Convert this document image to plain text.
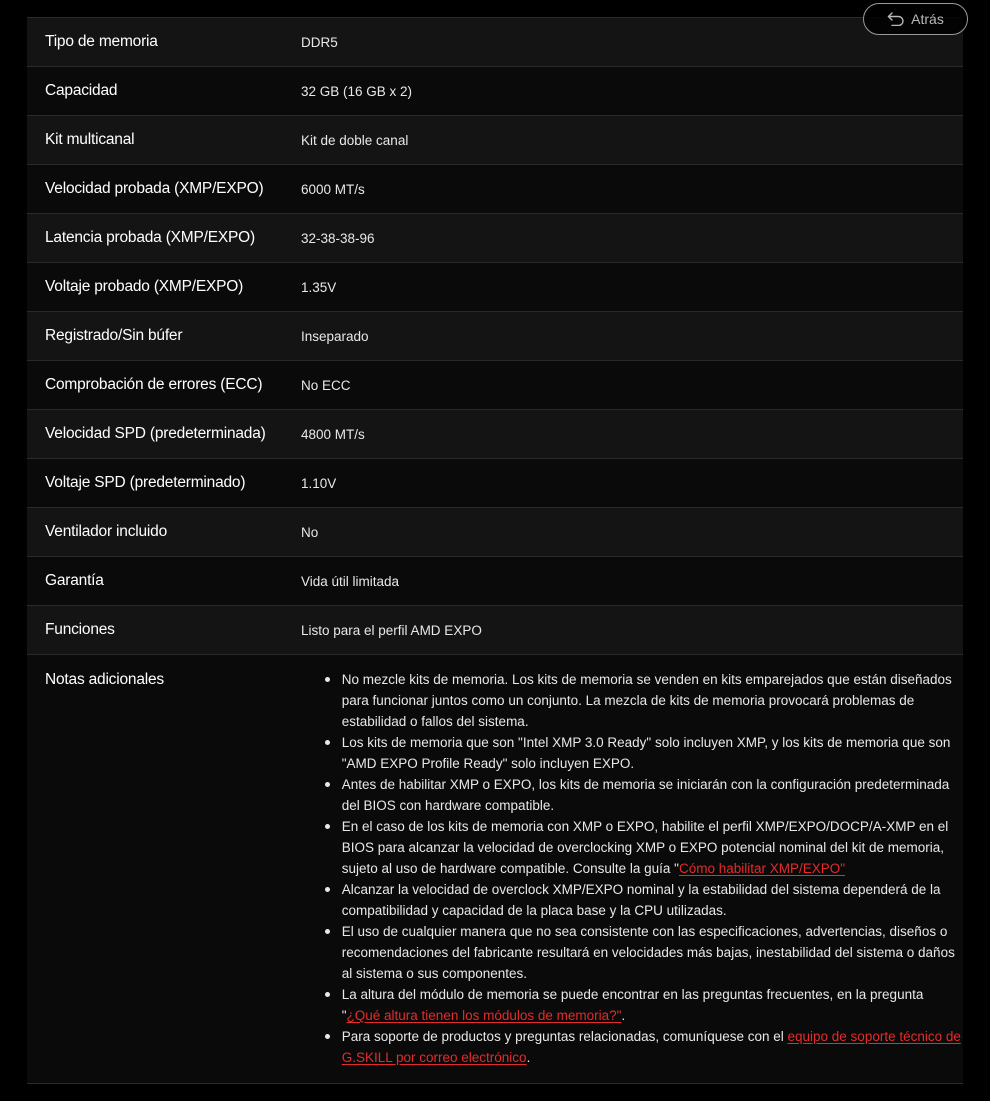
Tipo de memoria	DDR5
Capacidad	32 GB (16 GB x 2)
Kit multicanal	Kit de doble canal
Velocidad probada (XMP/EXPO)	6000 MT/s
Latencia probada (XMP/EXPO)	32-38-38-96
Voltaje probado (XMP/EXPO)	1.35V
Registrado/Sin búfer	Inseparado
Comprobación de errores (ECC)	No ECC
Velocidad SPD (predeterminada)	4800 MT/s
Voltaje SPD (predeterminado)	1.10V
Ventilador incluido	No
Garantía	Vida útil limitada
Funciones	Listo para el perfil AMD EXPO
Notas adicionales	No mezcle kits de memoria. Los kits de memoria se venden en kits emparejados que están diseñados para funcionar juntos como un conjunto. La mezcla de kits de memoria provocará problemas de estabilidad o fallos del sistema.
Los kits de memoria que son "Intel XMP 3.0 Ready" solo incluyen XMP, y los kits de memoria que son "AMD EXPO Profile Ready" solo incluyen EXPO.
Antes de habilitar XMP o EXPO, los kits de memoria se iniciarán con la configuración predeterminada del BIOS con hardware compatible.
En el caso de los kits de memoria con XMP o EXPO, habilite el perfil XMP/EXPO/DOCP/A-XMP en el BIOS para alcanzar la velocidad de overclocking XMP o EXPO potencial nominal del kit de memoria, sujeto al uso de hardware compatible. Consulte la guía "Cómo habilitar XMP/EXPO"
Alcanzar la velocidad de overclock XMP/EXPO nominal y la estabilidad del sistema dependerá de la compatibilidad y capacidad de la placa base y la CPU utilizadas.
El uso de cualquier manera que no sea consistente con las especificaciones, advertencias, diseños o recomendaciones del fabricante resultará en velocidades más bajas, inestabilidad del sistema o daños al sistema o sus componentes.
La altura del módulo de memoria se puede encontrar en las preguntas frecuentes, en la pregunta "¿Qué altura tienen los módulos de memoria?".
Para soporte de productos y preguntas relacionadas, comuníquese con el equipo de soporte técnico de G.SKILL por correo electrónico.
Atrás
